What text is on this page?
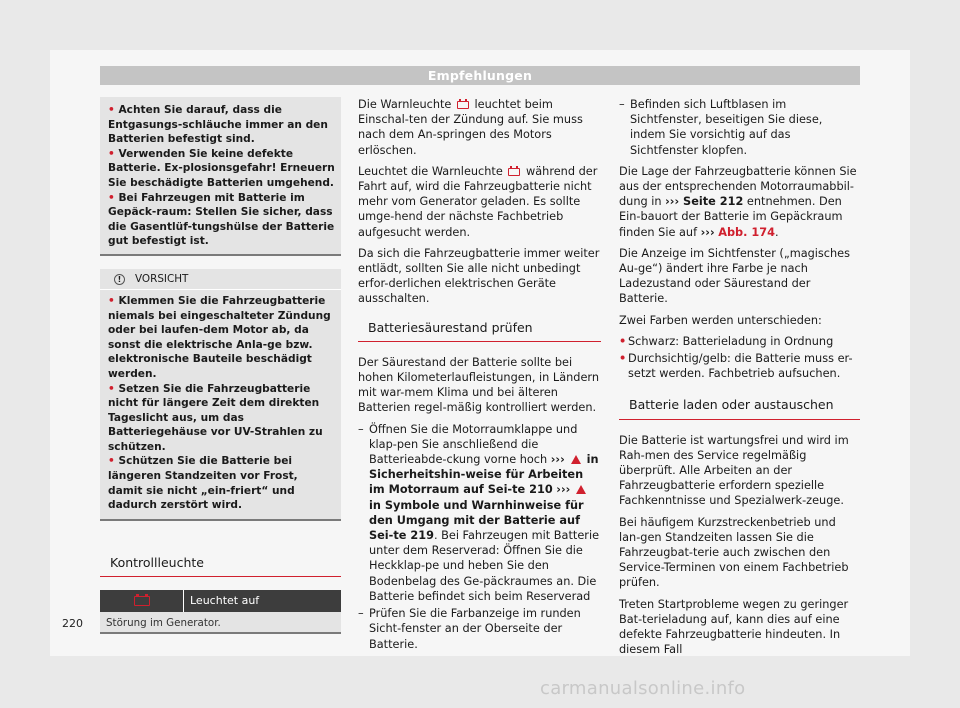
Empfehlungen
• Achten Sie darauf, dass die Entgasungs-schläuche immer an den Batterien befestigt sind.
• Verwenden Sie keine defekte Batterie. Ex-plosionsgefahr! Erneuern Sie beschädigte Batterien umgehend.
• Bei Fahrzeugen mit Batterie im Gepäck-raum: Stellen Sie sicher, dass die Gasentlüf-tungshülse der Batterie gut befestigt ist.
!	VORSICHT
• Klemmen Sie die Fahrzeugbatterie niemals bei eingeschalteter Zündung oder bei laufen-dem Motor ab, da sonst die elektrische Anla-ge bzw. elektronische Bauteile beschädigt werden.
• Setzen Sie die Fahrzeugbatterie nicht für längere Zeit dem direkten Tageslicht aus, um das Batteriegehäuse vor UV-Strahlen zu schützen.
• Schützen Sie die Batterie bei längeren Standzeiten vor Frost, damit sie nicht „ein-friert“ und dadurch zerstört wird.
Kontrollleuchte
Leuchtet auf
Störung im Generator.

Die Warnleuchte leuchtet beim Einschal-ten der Zündung auf. Sie muss nach dem An-springen des Motors erlöschen.

Leuchtet die Warnleuchte während der Fahrt auf, wird die Fahrzeugbatterie nicht mehr vom Generator geladen. Es sollte umge-hend der nächste Fachbetrieb aufgesucht werden.

Da sich die Fahrzeugbatterie immer weiter entlädt, sollten Sie alle nicht unbedingt erfor-derlichen elektrischen Geräte ausschalten.

Batteriesäurestand prüfen

Der Säurestand der Batterie sollte bei hohen Kilometerlaufleistungen, in Ländern mit war-mem Klima und bei älteren Batterien regel-mäßig kontrolliert werden.

– Öffnen Sie die Motorraumklappe und klap-pen Sie anschließend die Batterieabde-ckung vorne hoch ››› in Sicherheitshin-weise für Arbeiten im Motorraum auf Sei-te 210 ›››  in Symbole und Warnhinweise für den Umgang mit der Batterie auf Sei-te 219. Bei Fahrzeugen mit Batterie unter dem Reserverad: Öffnen Sie die Heckklap-pe und heben Sie den Bodenbelag des Ge-päckraumes an. Die Batterie befindet sich beim Reserverad
– Prüfen Sie die Farbanzeige im runden Sicht-fenster an der Oberseite der Batterie.
– Befinden sich Luftblasen im Sichtfenster, beseitigen Sie diese, indem Sie vorsichtig auf das Sichtfenster klopfen.

Die Lage der Fahrzeugbatterie können Sie aus der entsprechenden Motorraumabbil-dung in ››› Seite 212 entnehmen. Den Ein-bauort der Batterie im Gepäckraum finden Sie auf ››› Abb. 174.

Die Anzeige im Sichtfenster („magisches Au-ge“) ändert ihre Farbe je nach Ladezustand oder Säurestand der Batterie.

Zwei Farben werden unterschieden:

• Schwarz: Batterieladung in Ordnung
• Durchsichtig/gelb: die Batterie muss er-setzt werden. Fachbetrieb aufsuchen.
Batterie laden oder austauschen

Die Batterie ist wartungsfrei und wird im Rah-men des Service regelmäßig überprüft. Alle Arbeiten an der Fahrzeugbatterie erfordern spezielle Fachkenntnisse und Spezialwerk-zeuge.

Bei häufigem Kurzstreckenbetrieb und lan-gen Standzeiten lassen Sie die Fahrzeugbat-terie auch zwischen den Service-Terminen von einem Fachbetrieb prüfen.

Treten Startprobleme wegen zu geringer Bat-terieladung auf, kann dies auf eine defekte Fahrzeugbatterie hindeuten. In diesem Fall

220
carmanualsonline.info
